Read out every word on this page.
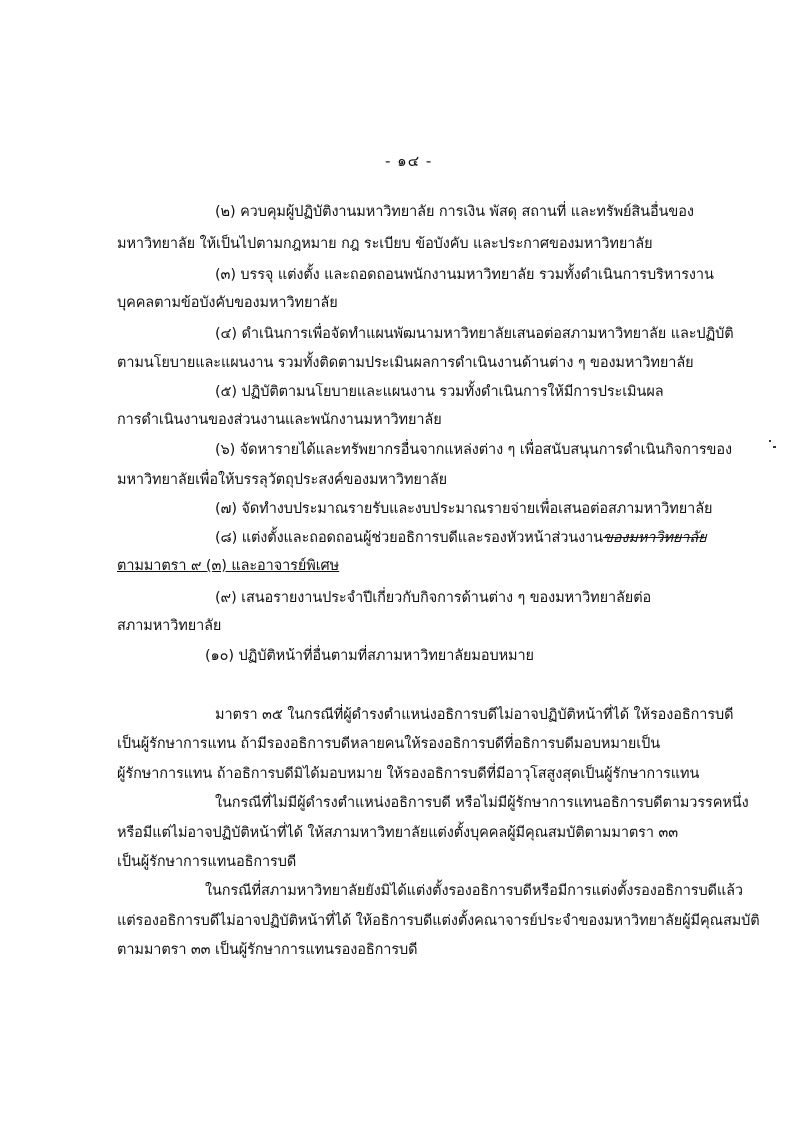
- ๑๔ -
(๒) ควบคุมผู้ปฏิบัติงานมหาวิทยาลัย การเงิน พัสดุ สถานที่ และทรัพย์สินอื่นของ
มหาวิทยาลัย ให้เป็นไปตามกฎหมาย กฎ ระเบียบ ข้อบังคับ และประกาศของมหาวิทยาลัย
(๓) บรรจุ แต่งตั้ง และถอดถอนพนักงานมหาวิทยาลัย รวมทั้งดำเนินการบริหารงาน
บุคคลตามข้อบังคับของมหาวิทยาลัย
(๔) ดำเนินการเพื่อจัดทำแผนพัฒนามหาวิทยาลัยเสนอต่อสภามหาวิทยาลัย และปฏิบัติ
ตามนโยบายและแผนงาน รวมทั้งติดตามประเมินผลการดำเนินงานด้านต่าง ๆ ของมหาวิทยาลัย
(๕) ปฏิบัติตามนโยบายและแผนงาน รวมทั้งดำเนินการให้มีการประเมินผล
การดำเนินงานของส่วนงานและพนักงานมหาวิทยาลัย
(๖) จัดหารายได้และทรัพยากรอื่นจากแหล่งต่าง ๆ เพื่อสนับสนุนการดำเนินกิจการของ
มหาวิทยาลัยเพื่อให้บรรลุวัตถุประสงค์ของมหาวิทยาลัย
(๗) จัดทำงบประมาณรายรับและงบประมาณรายจ่ายเพื่อเสนอต่อสภามหาวิทยาลัย
(๘) แต่งตั้งและถอดถอนผู้ช่วยอธิการบดีและรองหัวหน้าส่วนงานของมหาวิทยาลัย
ตามมาตรา ๙ (๓) และอาจารย์พิเศษ
(๙) เสนอรายงานประจำปีเกี่ยวกับกิจการด้านต่าง ๆ ของมหาวิทยาลัยต่อ
สภามหาวิทยาลัย
(๑๐) ปฏิบัติหน้าที่อื่นตามที่สภามหาวิทยาลัยมอบหมาย
มาตรา ๓๕ ในกรณีที่ผู้ดำรงตำแหน่งอธิการบดีไม่อาจปฏิบัติหน้าที่ได้ ให้รองอธิการบดี
เป็นผู้รักษาการแทน ถ้ามีรองอธิการบดีหลายคนให้รองอธิการบดีที่อธิการบดีมอบหมายเป็น
ผู้รักษาการแทน ถ้าอธิการบดีมิได้มอบหมาย ให้รองอธิการบดีที่มีอาวุโสสูงสุดเป็นผู้รักษาการแทน
ในกรณีที่ไม่มีผู้ดำรงตำแหน่งอธิการบดี หรือไม่มีผู้รักษาการแทนอธิการบดีตามวรรคหนึ่ง
หรือมีแต่ไม่อาจปฏิบัติหน้าที่ได้ ให้สภามหาวิทยาลัยแต่งตั้งบุคคลผู้มีคุณสมบัติตามมาตรา ๓๓
เป็นผู้รักษาการแทนอธิการบดี
ในกรณีที่สภามหาวิทยาลัยยังมิได้แต่งตั้งรองอธิการบดีหรือมีการแต่งตั้งรองอธิการบดีแล้ว
แต่รองอธิการบดีไม่อาจปฏิบัติหน้าที่ได้ ให้อธิการบดีแต่งตั้งคณาจารย์ประจำของมหาวิทยาลัยผู้มีคุณสมบัติ
ตามมาตรา ๓๓ เป็นผู้รักษาการแทนรองอธิการบดี
